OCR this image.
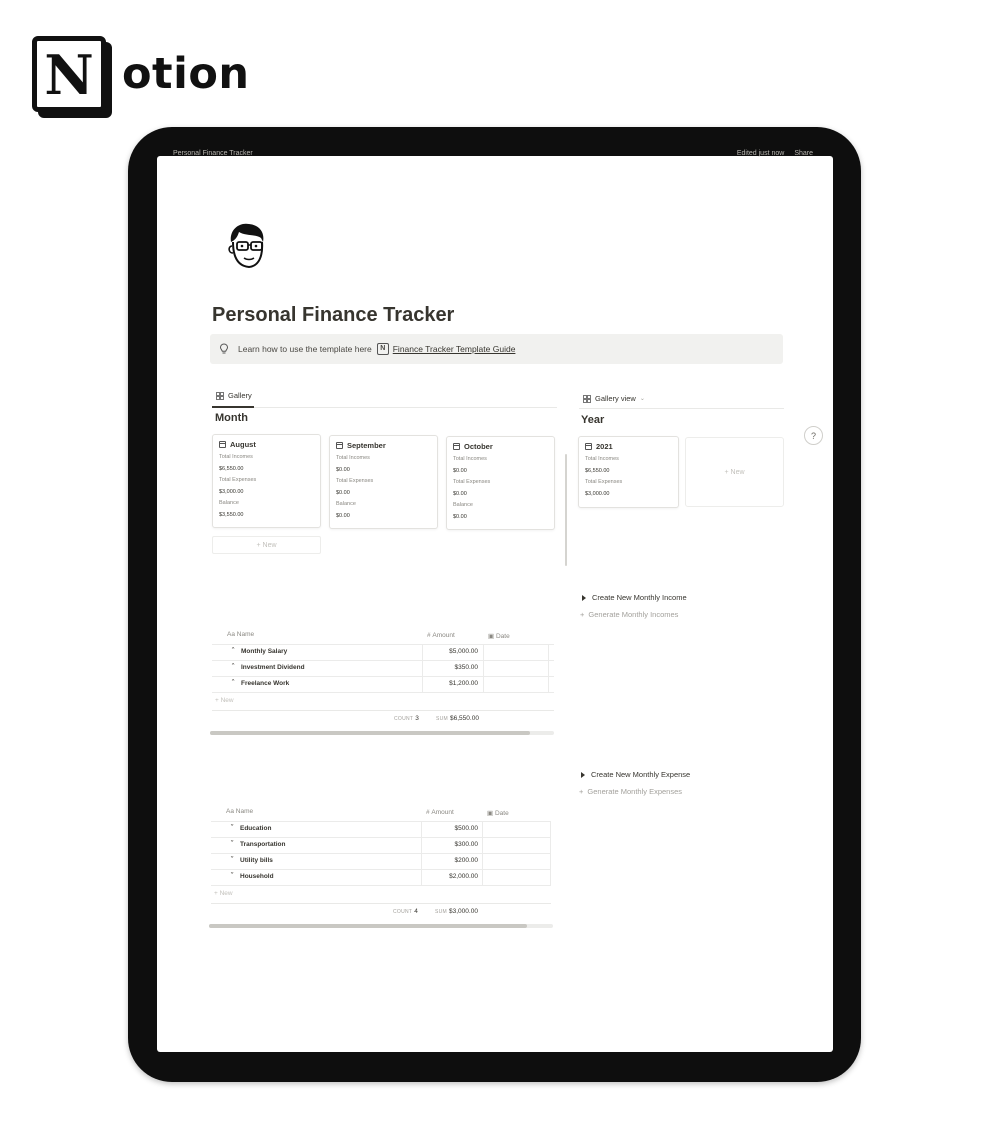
N otion
Personal Finance Tracker	Edited just now Share
Personal Finance Tracker
Learn how to use the template here	N Finance Tracker Template Guide
Gallery
Month
August
Total Incomes
$6,550.00
Total Expenses
$3,000.00
Balance
$3,550.00
September
Total Incomes
$0.00
Total Expenses
$0.00
Balance
$0.00
October
Total Incomes
$0.00
Total Expenses
$0.00
Balance
$0.00
+ New
Gallery view ⌄
Year
2021
Total Incomes
$6,550.00
Total Expenses
$3,000.00
+ New
Create New Monthly Income
+ Generate Monthly Incomes
Aa Name	# Amount	▣ Date
ˆ Monthly Salary	$5,000.00
ˆ Investment Dividend	$350.00
ˆ Freelance Work	$1,200.00
+ New
COUNT 3	SUM $6,550.00
Create New Monthly Expense
+ Generate Monthly Expenses
Aa Name	# Amount	▣ Date
ˇ Education	$500.00
ˇ Transportation	$300.00
ˇ Utility bills	$200.00
ˇ Household	$2,000.00
+ New
COUNT 4	SUM $3,000.00
?
